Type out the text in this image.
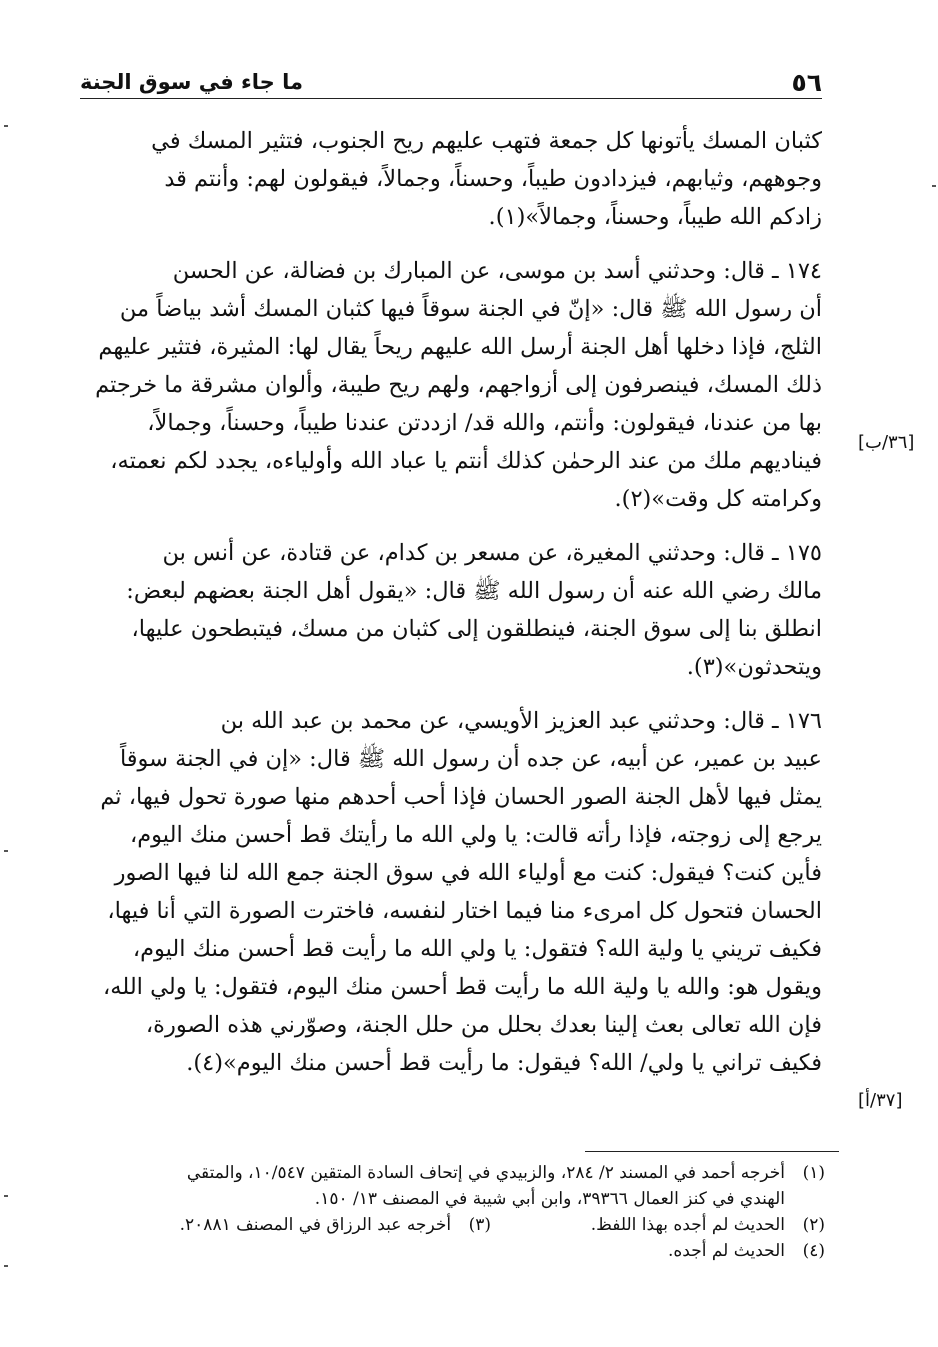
٥٦
ما جاء في سوق الجنة

كثبان المسك يأتونها كل جمعة فتهب عليهم ريح الجنوب، فتثير المسك في

وجوههم، وثيابهم، فيزدادون طيباً، وحسناً، وجمالاً، فيقولون لهم: وأنتم قد

زادكم الله طيباً، وحسناً، وجمالاً»(١).

١٧٤ ـ قال: وحدثني أسد بن موسى، عن المبارك بن فضالة، عن الحسن

أن رسول الله ﷺ قال: «إنّ في الجنة سوقاً فيها كثبان المسك أشد بياضاً من

الثلج، فإذا دخلها أهل الجنة أرسل الله عليهم ريحاً يقال لها: المثيرة، فتثير عليهم

ذلك المسك، فينصرفون إلى أزواجهم، ولهم ريح طيبة، وألوان مشرقة ما خرجتم

بها من عندنا، فيقولون: وأنتم، والله قد/ ازددتن عندنا طيباً، وحسناً، وجمالاً،

فيناديهم ملك من عند الرحمٰن كذلك أنتم يا عباد الله وأولياءه، يجدد لكم نعمته،

وكرامته كل وقت»(٢).

١٧٥ ـ قال: وحدثني المغيرة، عن مسعر بن كدام، عن قتادة، عن أنس بن

مالك رضي الله عنه أن رسول الله ﷺ قال: «يقول أهل الجنة بعضهم لبعض:

انطلق بنا إلى سوق الجنة، فينطلقون إلى كثبان من مسك، فيتبطحون عليها،

ويتحدثون»(٣).

١٧٦ ـ قال: وحدثني عبد العزيز الأويسي، عن محمد بن عبد الله بن

عبيد بن عمير، عن أبيه، عن جده أن رسول الله ﷺ قال: «إن في الجنة سوقاً

يمثل فيها لأهل الجنة الصور الحسان فإذا أحب أحدهم منها صورة تحول فيها، ثم

يرجع إلى زوجته، فإذا رأته قالت: يا ولي الله ما رأيتك قط أحسن منك اليوم،

فأين كنت؟ فيقول: كنت مع أولياء الله في سوق الجنة جمع الله لنا فيها الصور

الحسان فتحول كل امرىء منا فيما اختار لنفسه، فاخترت الصورة التي أنا فيها،

فكيف تريني يا ولية الله؟ فتقول: يا ولي الله ما رأيت قط أحسن منك اليوم،

ويقول هو: والله يا ولية الله ما رأيت قط أحسن منك اليوم، فتقول: يا ولي الله،

فإن الله تعالى بعث إلينا بعدك بحلل من حلل الجنة، وصوّرني هذه الصورة،

فكيف تراني يا ولي/ الله؟ فيقول: ما رأيت قط أحسن منك اليوم»(٤).

[٣٦/ب]
[٣٧/أ]

(١)أخرجه أحمد في المسند ٢/ ٢٨٤، والزبيدي في إتحاف السادة المتقين ١٠/٥٤٧، والمتقي

الهندي في كنز العمال ٣٩٣٦٦، وابن أبي شيبة في المصنف ١٣/ ١٥٠.

(٢)الحديث لم أجده بهذا اللفظ.

(٣)أخرجه عبد الرزاق في المصنف ٢٠٨٨١.

(٤)الحديث لم أجده.
